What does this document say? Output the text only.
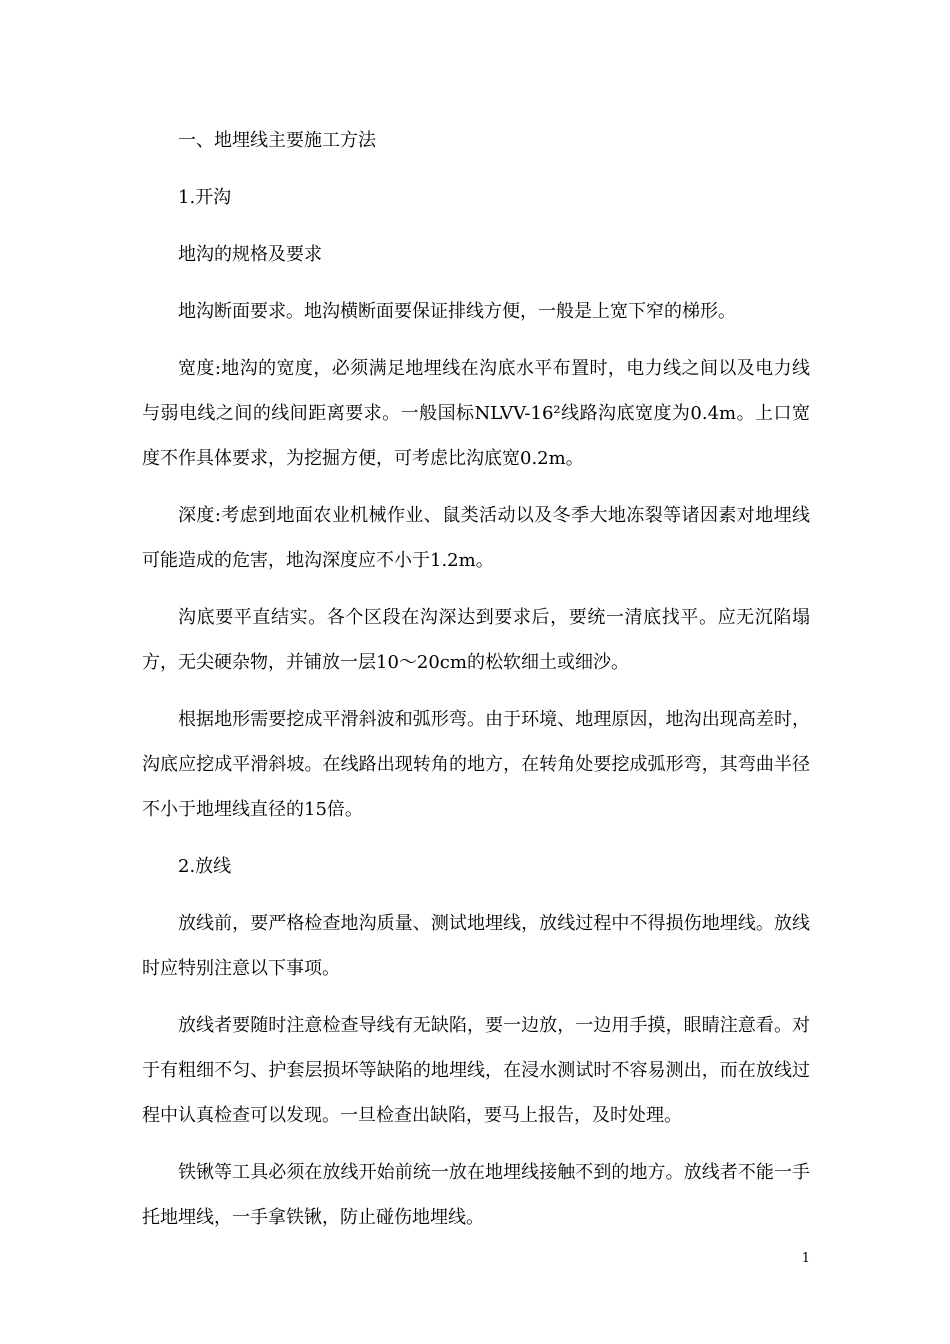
一、地埋线主要施工方法

1.开沟

地沟的规格及要求

地沟断面要求。地沟横断面要保证排线方便，一般是上宽下窄的梯形。

宽度:地沟的宽度，必须满足地埋线在沟底水平布置时，电力线之间以及电力线与弱电线之间的线间距离要求。一般国标NLVV-16²线路沟底宽度为0.4m。上口宽度不作具体要求，为挖掘方便，可考虑比沟底宽0.2m。

深度:考虑到地面农业机械作业、鼠类活动以及冬季大地冻裂等诸因素对地埋线可能造成的危害，地沟深度应不小于1.2m。

沟底要平直结实。各个区段在沟深达到要求后，要统一清底找平。应无沉陷塌方，无尖硬杂物，并铺放一层10～20cm的松软细土或细沙。

根据地形需要挖成平滑斜波和弧形弯。由于环境、地理原因，地沟出现高差时，沟底应挖成平滑斜坡。在线路出现转角的地方，在转角处要挖成弧形弯，其弯曲半径不小于地埋线直径的15倍。

2.放线

放线前，要严格检查地沟质量、测试地埋线，放线过程中不得损伤地埋线。放线时应特别注意以下事项。

放线者要随时注意检查导线有无缺陷，要一边放，一边用手摸，眼睛注意看。对于有粗细不匀、护套层损坏等缺陷的地埋线，在浸水测试时不容易测出，而在放线过程中认真检查可以发现。一旦检查出缺陷，要马上报告，及时处理。

铁锹等工具必须在放线开始前统一放在地埋线接触不到的地方。放线者不能一手托地埋线，一手拿铁锹，防止碰伤地埋线。

1
